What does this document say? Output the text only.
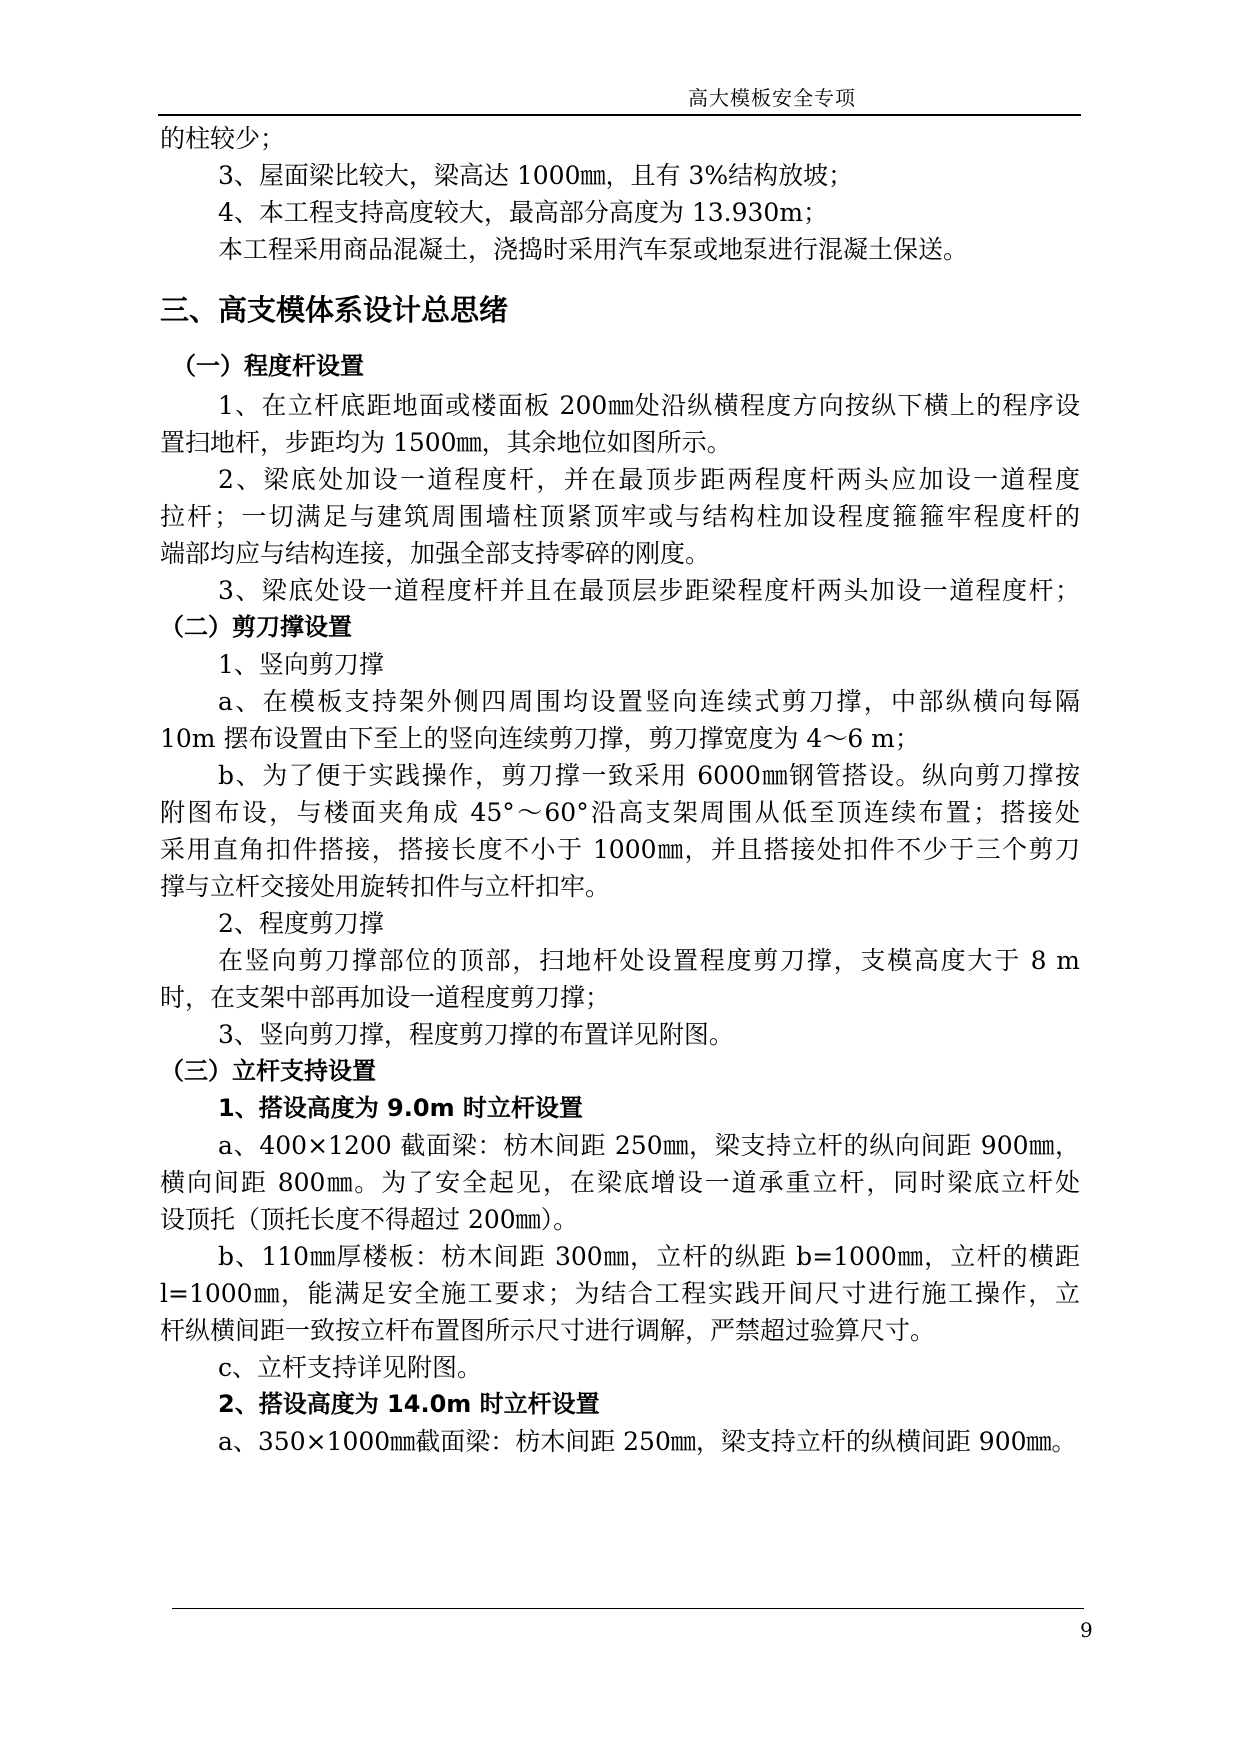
高大模板安全专项
的柱较少；
3、屋面梁比较大，梁高达 1000㎜，且有 3%结构放坡；
4、本工程支持高度较大，最高部分高度为 13.930m；
本工程采用商品混凝土，浇捣时采用汽车泵或地泵进行混凝土保送。
三、高支模体系设计总思绪
（一）程度杆设置
1、在立杆底距地面或楼面板 200㎜处沿纵横程度方向按纵下横上的程序设
置扫地杆，步距均为 1500㎜，其余地位如图所示。
2、梁底处加设一道程度杆，并在最顶步距两程度杆两头应加设一道程度
拉杆；一切满足与建筑周围墙柱顶紧顶牢或与结构柱加设程度箍箍牢程度杆的
端部均应与结构连接，加强全部支持零碎的刚度。
3、梁底处设一道程度杆并且在最顶层步距梁程度杆两头加设一道程度杆；
（二）剪刀撑设置
1、竖向剪刀撑
a、在模板支持架外侧四周围均设置竖向连续式剪刀撑，中部纵横向每隔
10m 摆布设置由下至上的竖向连续剪刀撑，剪刀撑宽度为 4～6 m；
b、为了便于实践操作，剪刀撑一致采用 6000㎜钢管搭设。纵向剪刀撑按
附图布设，与楼面夹角成 45°～60°沿高支架周围从低至顶连续布置；搭接处
采用直角扣件搭接，搭接长度不小于 1000㎜，并且搭接处扣件不少于三个剪刀
撑与立杆交接处用旋转扣件与立杆扣牢。
2、程度剪刀撑
在竖向剪刀撑部位的顶部，扫地杆处设置程度剪刀撑，支模高度大于 8 m
时，在支架中部再加设一道程度剪刀撑；
3、竖向剪刀撑，程度剪刀撑的布置详见附图。
（三）立杆支持设置
1、搭设高度为 9.0m 时立杆设置
a、400×1200 截面梁：枋木间距 250㎜，梁支持立杆的纵向间距 900㎜，
横向间距 800㎜。为了安全起见，在梁底增设一道承重立杆，同时梁底立杆处
设顶托（顶托长度不得超过 200㎜）。
b、110㎜厚楼板：枋木间距 300㎜，立杆的纵距 b=1000㎜，立杆的横距
l=1000㎜，能满足安全施工要求；为结合工程实践开间尺寸进行施工操作，立
杆纵横间距一致按立杆布置图所示尺寸进行调解，严禁超过验算尺寸。
c、立杆支持详见附图。
2、搭设高度为 14.0m 时立杆设置
a、350×1000㎜截面梁：枋木间距 250㎜，梁支持立杆的纵横间距 900㎜。
9
